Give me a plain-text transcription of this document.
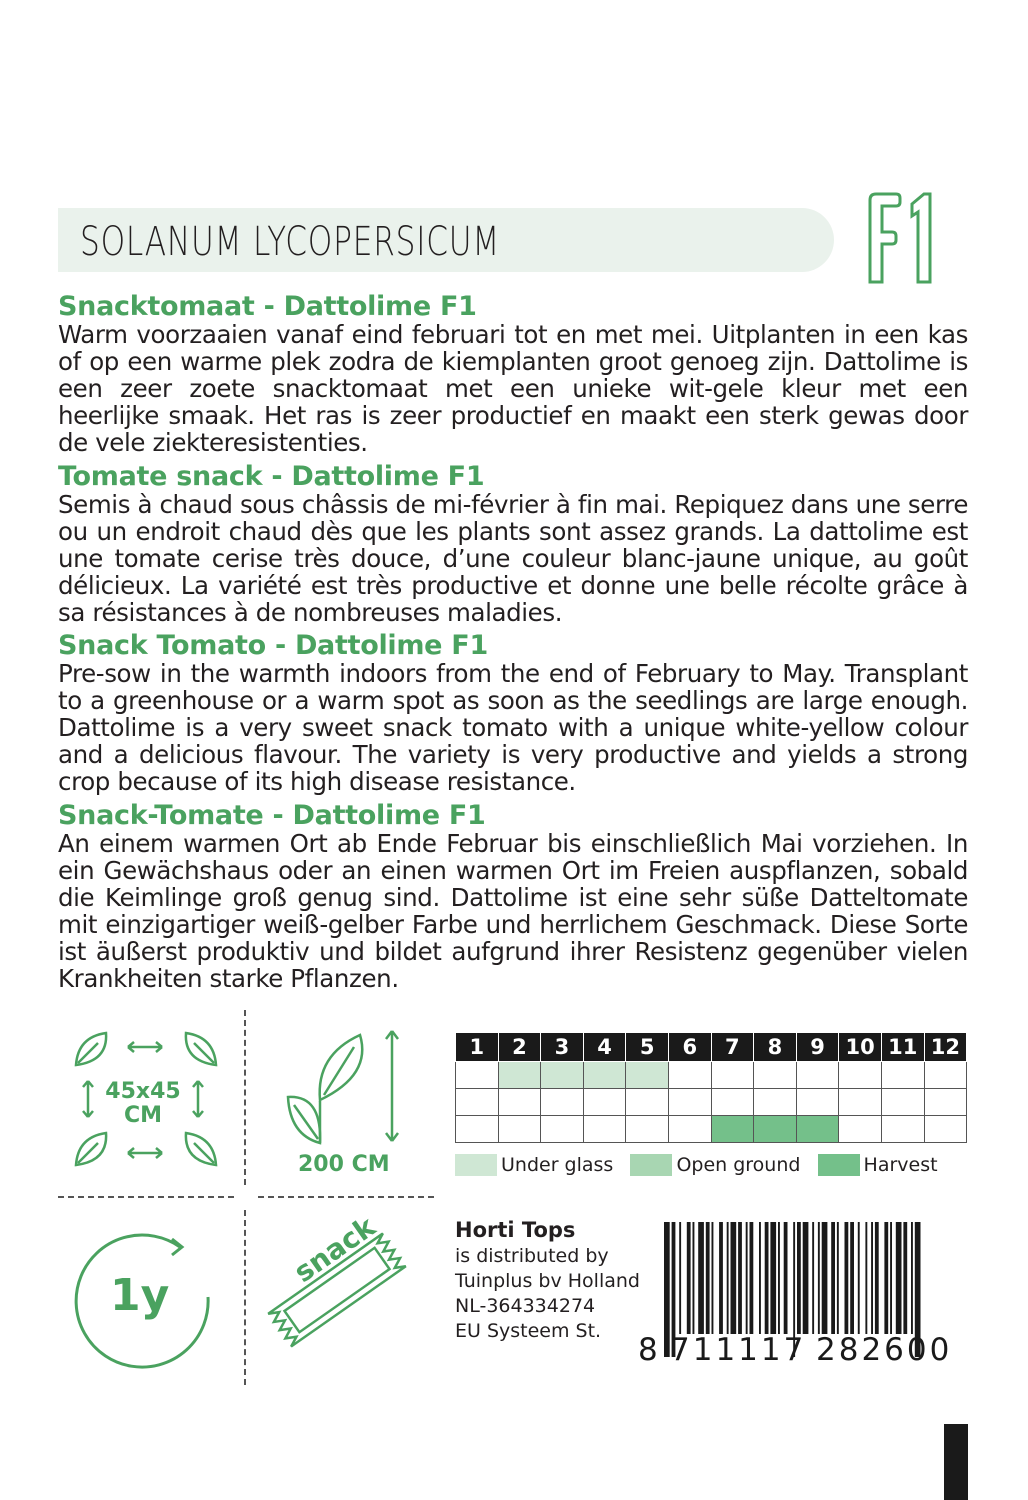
SOLANUM LYCOPERSICUM

Snacktomaat - Dattolime F1

Warm voorzaaien vanaf eind februari tot en met mei. Uitplanten in een kas of op een warme plek zodra de kiemplanten groot genoeg zijn. Dattolime is een zeer zoete snacktomaat met een unieke wit-gele kleur met een heerlijke smaak. Het ras is zeer productief en maakt een sterk gewas door de vele ziekteresistenties.

Tomate snack - Dattolime F1

Semis à chaud sous châssis de mi-février à fin mai. Repiquez dans une serre ou un endroit chaud dès que les plants sont assez grands. La dattolime est une tomate cerise très douce, d’une couleur blanc-jaune unique, au goût délicieux. La variété est très productive et donne une belle récolte grâce à sa résistances à de nombreuses maladies.

Snack Tomato - Dattolime F1

Pre-sow in the warmth indoors from the end of February to May. Transplant to a greenhouse or a warm spot as soon as the seedlings are large enough. Dattolime is a very sweet snack tomato with a unique white-yellow colour and a delicious flavour. The variety is very productive and yields a strong crop because of its high disease resistance.

Snack-Tomate - Dattolime F1

An einem warmen Ort ab Ende Februar bis einschließlich Mai vorziehen. In ein Gewächshaus oder an einen warmen Ort im Freien auspflanzen, sobald die Keimlinge groß genug sind. Dattolime ist eine sehr süße Datteltomate mit einzigartiger weiß-gelber Farbe und herrlichem Geschmack. Diese Sorte ist äußerst produktiv und bildet aufgrund ihrer Resistenz gegenüber vielen Krankheiten starke Pflanzen.

45x45
CM
200 CM
1y
snack
1	2	3	4	5	6	7	8	9	10	11	12

Under glass	Open ground	Harvest
Horti Tops
is distributed by
Tuinplus bv Holland
NL-364334274
EU Systeem St.
8 711117 282600
